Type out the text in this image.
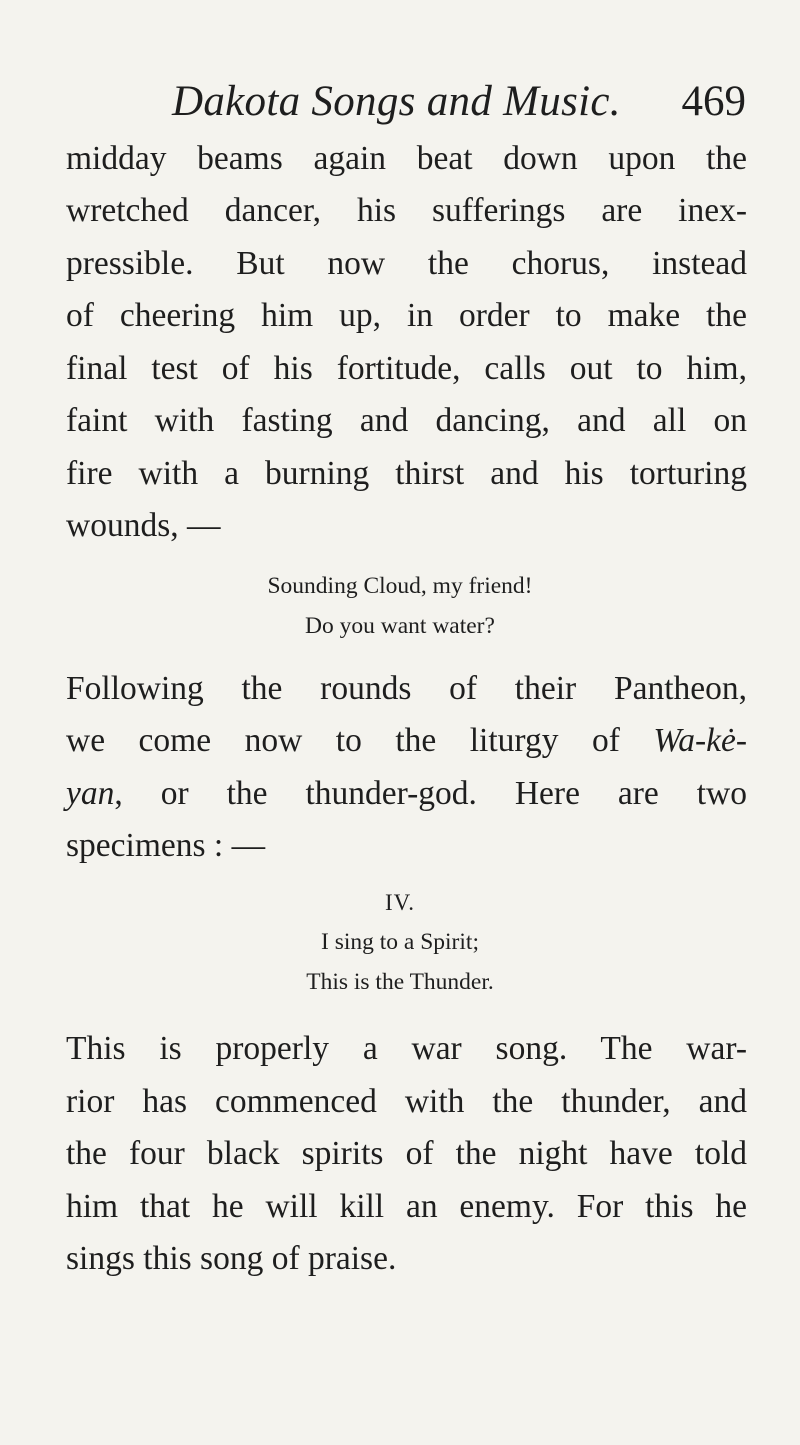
Dakota Songs and Music. 469
midday beams again beat down upon the
wretched dancer, his sufferings are inex-
pressible. But now the chorus, instead
of cheering him up, in order to make the
final test of his fortitude, calls out to him,
faint with fasting and dancing, and all on
fire with a burning thirst and his torturing
wounds, —
Sounding Cloud, my friend!
Do you want water?
Following the rounds of their Pantheon,
we come now to the liturgy of Wa-kė-
yan, or the thunder-god. Here are two
specimens : —
IV.
I sing to a Spirit;
This is the Thunder.
This is properly a war song. The war-
rior has commenced with the thunder, and
the four black spirits of the night have told
him that he will kill an enemy. For this he
sings this song of praise.
